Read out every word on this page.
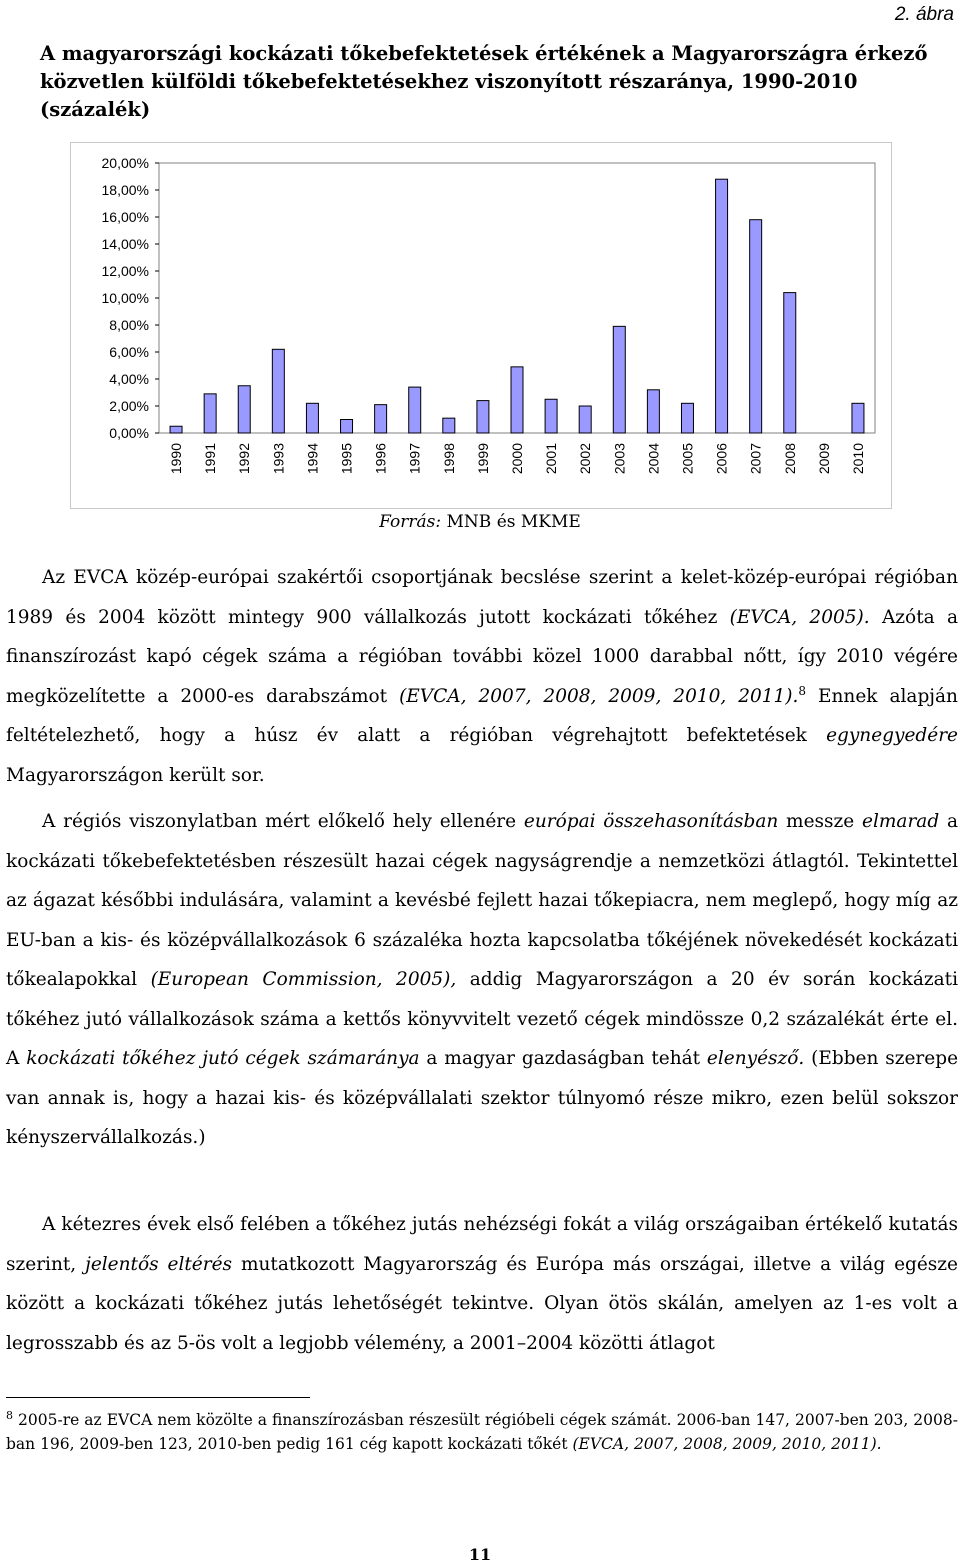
2. ábra
A magyarországi kockázati tőkebefektetések értékének a Magyarországra érkező közvetlen külföldi tőkebefektetésekhez viszonyított részaránya, 1990-2010 (százalék)
0,00%
2,00%
4,00%
6,00%
8,00%
10,00%
12,00%
14,00%
16,00%
18,00%
20,00%
1990 1991 1992 1993 1994 1995 1996 1997 1998 1999 2000 2001 2002 2003 2004 2005 2006 2007 2008 2009 2010
Forrás: MNB és MKME

Az EVCA közép-európai szakértői csoportjának becslése szerint a kelet-közép-európai régióban 1989 és 2004 között mintegy 900 vállalkozás jutott kockázati tőkéhez (EVCA, 2005). Azóta a finanszírozást kapó cégek száma a régióban további közel 1000 darabbal nőtt, így 2010 végére megközelítette a 2000-es darabszámot (EVCA, 2007, 2008, 2009, 2010, 2011).$^8$ Ennek alapján feltételezhető, hogy a húsz év alatt a régióban végrehajtott befektetések egynegyedére Magyarországon került sor.

A régiós viszonylatban mért előkelő hely ellenére európai összehasonításban messze elmarad a kockázati tőkebefektetésben részesült hazai cégek nagyságrendje a nemzetközi átlagtól. Tekintettel az ágazat későbbi indulására, valamint a kevésbé fejlett hazai tőkepiacra, nem meglepő, hogy míg az EU-ban a kis- és középvállalkozások 6 százaléka hozta kapcsolatba tőkéjének növekedését kockázati tőkealapokkal (European Commission, 2005), addig Magyarországon a 20 év során kockázati tőkéhez jutó vállalkozások száma a kettős könyvvitelt vezető cégek mindössze 0,2 százalékát érte el. A kockázati tőkéhez jutó cégek számaránya a magyar gazdaságban tehát elenyésző. (Ebben szerepe van annak is, hogy a hazai kis- és középvállalati szektor túlnyomó része mikro, ezen belül sokszor kényszervállalkozás.)

A kétezres évek első felében a tőkéhez jutás nehézségi fokát a világ országaiban értékelő kutatás szerint, jelentős eltérés mutatkozott Magyarország és Európa más országai, illetve a világ egésze között a kockázati tőkéhez jutás lehetőségét tekintve. Olyan ötös skálán, amelyen az 1-es volt a legrosszabb és az 5-ös volt a legjobb vélemény, a 2001–2004 közötti átlagot

$^8$ 2005-re az EVCA nem közölte a finanszírozásban részesült régióbeli cégek számát. 2006-ban 147, 2007-ben 203, 2008-ban 196, 2009-ben 123, 2010-ben pedig 161 cég kapott kockázati tőkét (EVCA, 2007, 2008, 2009, 2010, 2011).

11
